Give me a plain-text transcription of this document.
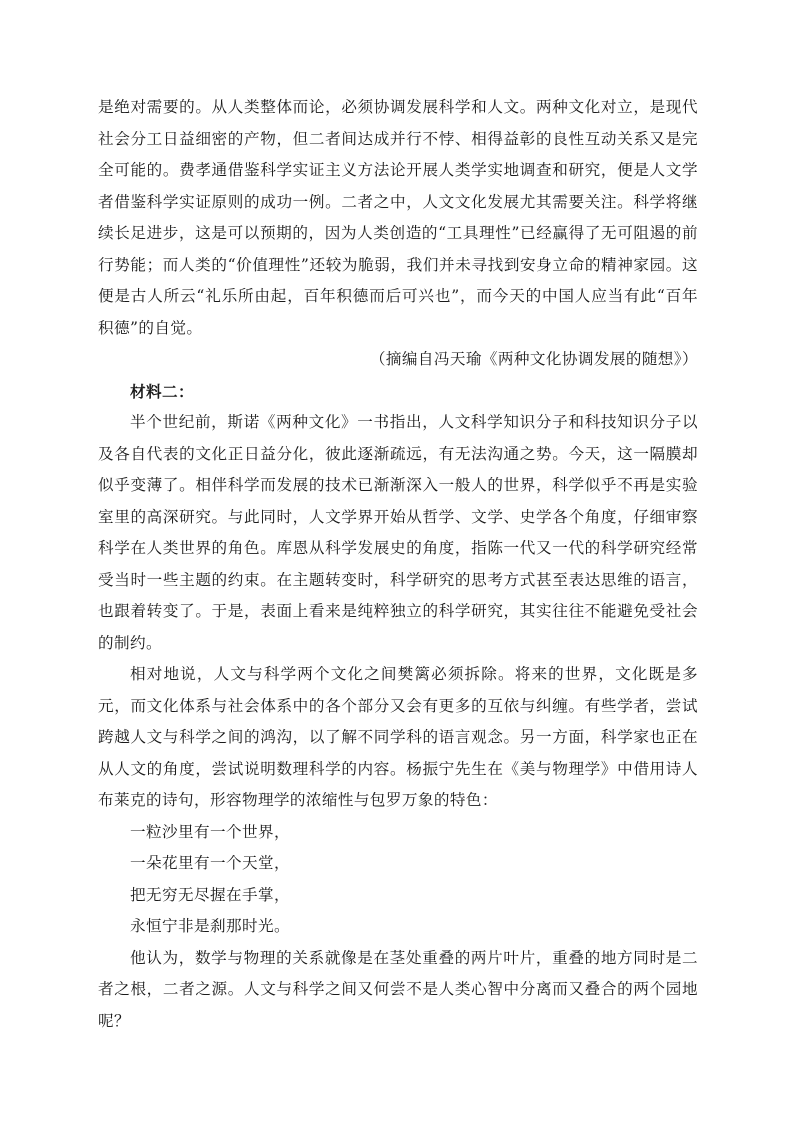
是绝对需要的。从人类整体而论，必须协调发展科学和人文。两种文化对立，是现代社会分工日益细密的产物，但二者间达成并行不悖、相得益彰的良性互动关系又是完全可能的。费孝通借鉴科学实证主义方法论开展人类学实地调查和研究，便是人文学者借鉴科学实证原则的成功一例。二者之中，人文文化发展尤其需要关注。科学将继续长足进步，这是可以预期的，因为人类创造的“工具理性”已经赢得了无可阻遏的前行势能；而人类的“价值理性”还较为脆弱，我们并未寻找到安身立命的精神家园。这便是古人所云“礼乐所由起，百年积德而后可兴也”，而今天的中国人应当有此“百年积德”的自觉。

（摘编自冯天瑜《两种文化协调发展的随想》）

材料二：

半个世纪前，斯诺《两种文化》一书指出，人文科学知识分子和科技知识分子以及各自代表的文化正日益分化，彼此逐渐疏远，有无法沟通之势。今天，这一隔膜却似乎变薄了。相伴科学而发展的技术已渐渐深入一般人的世界，科学似乎不再是实验室里的高深研究。与此同时，人文学界开始从哲学、文学、史学各个角度，仔细审察科学在人类世界的角色。库恩从科学发展史的角度，指陈一代又一代的科学研究经常受当时一些主题的约束。在主题转变时，科学研究的思考方式甚至表达思维的语言，也跟着转变了。于是，表面上看来是纯粹独立的科学研究，其实往往不能避免受社会的制约。

相对地说，人文与科学两个文化之间樊篱必须拆除。将来的世界，文化既是多元，而文化体系与社会体系中的各个部分又会有更多的互依与纠缠。有些学者，尝试跨越人文与科学之间的鸿沟，以了解不同学科的语言观念。另一方面，科学家也正在从人文的角度，尝试说明数理科学的内容。杨振宁先生在《美与物理学》中借用诗人布莱克的诗句，形容物理学的浓缩性与包罗万象的特色：

一粒沙里有一个世界，

一朵花里有一个天堂，

把无穷无尽握在手掌，

永恒宁非是刹那时光。

他认为，数学与物理的关系就像是在茎处重叠的两片叶片，重叠的地方同时是二者之根，二者之源。人文与科学之间又何尝不是人类心智中分离而又叠合的两个园地呢？
